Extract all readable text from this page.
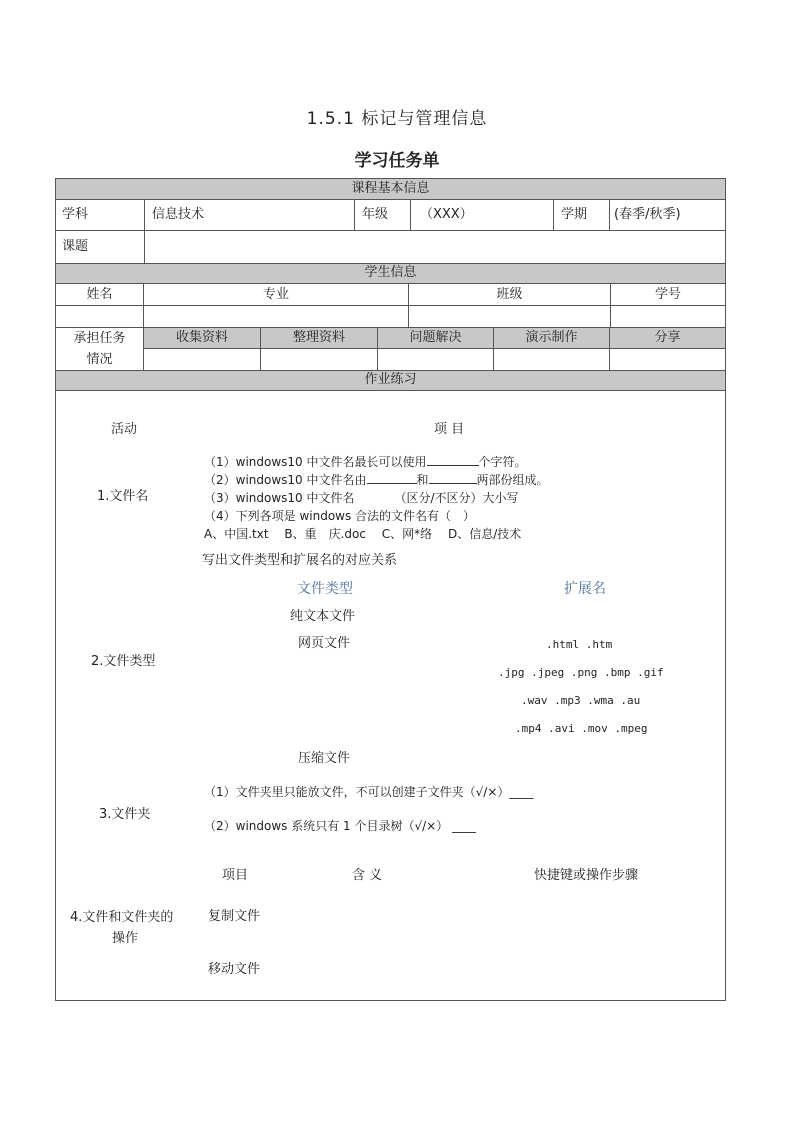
1.5.1 标记与管理信息
学习任务单
课程基本信息
学科	信息技术	年级 （XXX）	学期 (春季/秋季)
课题
学生信息
姓名	专业	班级	学号
承担任务
情况
收集资料	整理资料	问题解决	演示制作	分享
作业练习
活动	项 目
1.文件名
（1）windows10 中文件名最长可以使用	个字符。
（2）windows10 中文件名由	和	两部份组成。
（3）windows10 中文件名	（区分/不区分）大小写
（4）下列各项是 windows 合法的文件名有（　）
A、中国.txt　 B、重　庆.doc　 C、网*络　 D、信息/技术
写出文件类型和扩展名的对应关系
文件类型	扩展名
纯文本文件
网页文件	.html .htm
2.文件类型
.jpg .jpeg .png .bmp .gif
.wav .mp3 .wma .au
.mp4 .avi .mov .mpeg
压缩文件
（1）文件夹里只能放文件，不可以创建子文件夹（√/×）____
3.文件夹
（2）windows 系统只有 1 个目录树（√/×） ____
项目	含 义	快捷键或操作步骤
4.文件和文件夹的
操作
复制文件
移动文件
